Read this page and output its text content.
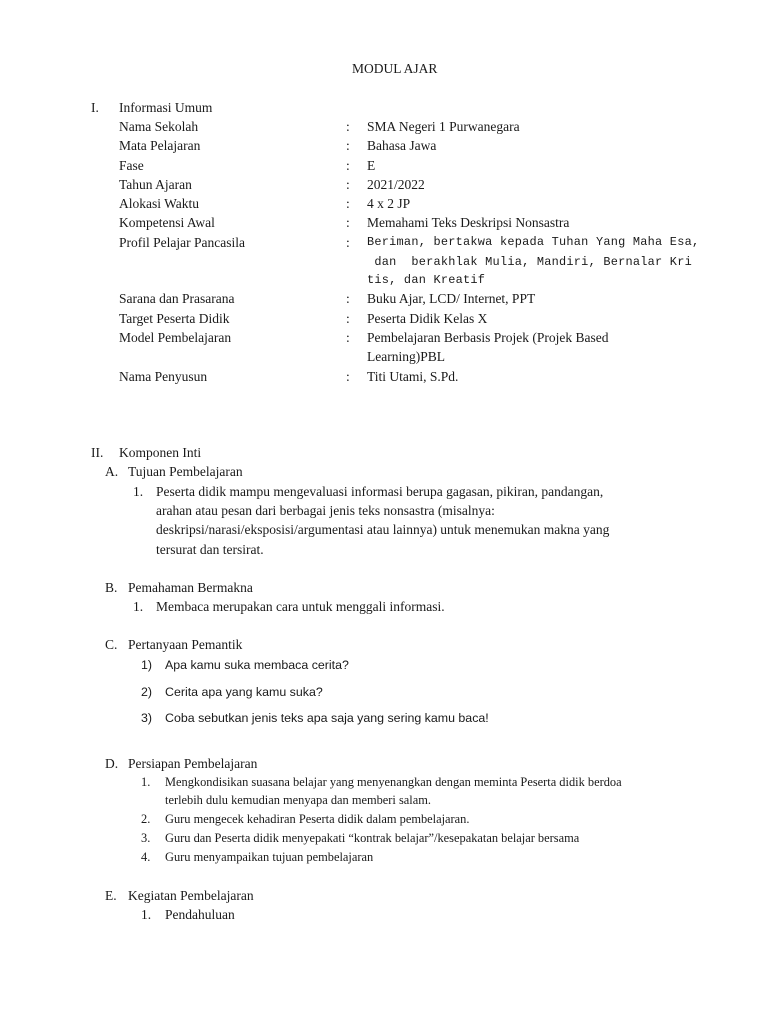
MODUL AJAR
I. Informasi Umum
Nama Sekolah	: SMA Negeri 1 Purwanegara
Mata Pelajaran	: Bahasa Jawa
Fase	: E
Tahun Ajaran	: 2021/2022
Alokasi Waktu	: 4 x 2 JP
Kompetensi Awal	: Memahami Teks Deskripsi Nonsastra
Profil Pelajar Pancasila	: Beriman, bertakwa kepada Tuhan Yang Maha Esa,
dan  berakhlak Mulia, Mandiri, Bernalar Kri
tis, dan Kreatif
Sarana dan Prasarana	: Buku Ajar, LCD/ Internet, PPT
Target Peserta Didik	: Peserta Didik Kelas X
Model Pembelajaran	: Pembelajaran Berbasis Projek (Projek Based
Learning)PBL
Nama Penyusun	: Titi Utami, S.Pd.
II. Komponen Inti
A. Tujuan Pembelajaran
1. Peserta didik mampu mengevaluasi informasi berupa gagasan, pikiran, pandangan,
arahan atau pesan dari berbagai jenis teks nonsastra (misalnya:
deskripsi/narasi/eksposisi/argumentasi atau lainnya) untuk menemukan makna yang
tersurat dan tersirat.
B. Pemahaman Bermakna
1. Membaca merupakan cara untuk menggali informasi.
C. Pertanyaan Pemantik
1) Apa kamu suka membaca cerita?
2) Cerita apa yang kamu suka?
3) Coba sebutkan jenis teks apa saja yang sering kamu baca!
D. Persiapan Pembelajaran
1. Mengkondisikan suasana belajar yang menyenangkan dengan meminta Peserta didik berdoa
terlebih dulu kemudian menyapa dan memberi salam.
2. Guru mengecek kehadiran Peserta didik dalam pembelajaran.
3. Guru dan Peserta didik menyepakati “kontrak belajar”/kesepakatan belajar bersama
4. Guru menyampaikan tujuan pembelajaran
E. Kegiatan Pembelajaran
1. Pendahuluan
